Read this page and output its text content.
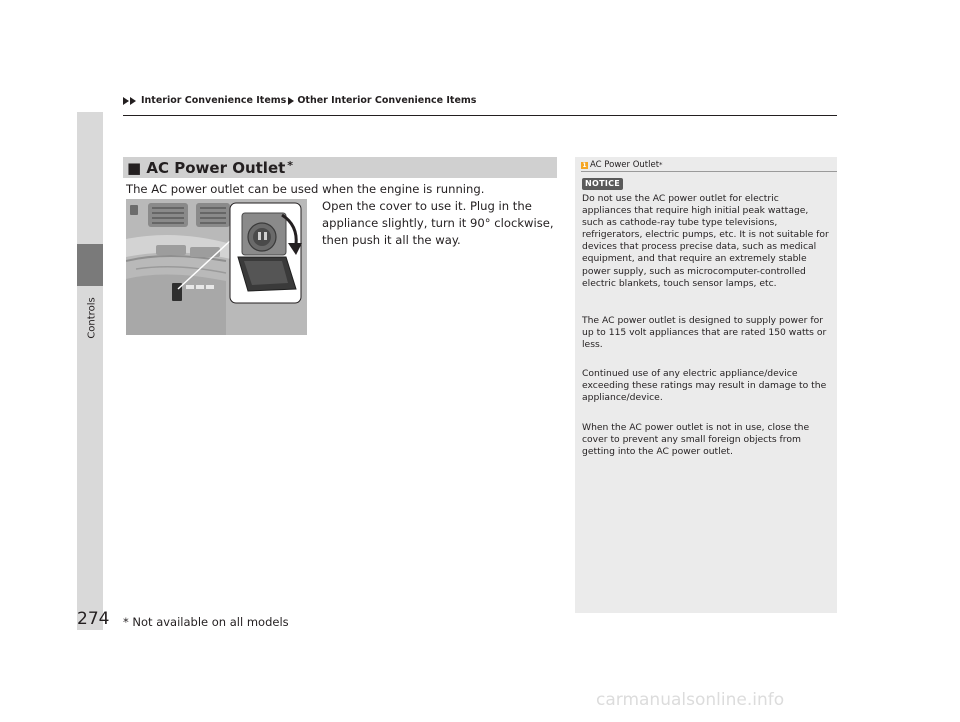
Interior Convenience Items Other Interior Convenience Items
Controls
■ AC Power Outlet *
The AC power outlet can be used when the engine is running.
Open the cover to use it. Plug in the appliance slightly, turn it 90° clockwise, then push it all the way.
1 AC Power Outlet *
NOTICE
Do not use the AC power outlet for electric appliances that require high initial peak wattage, such as cathode-ray tube type televisions, refrigerators, electric pumps, etc. It is not suitable for devices that process precise data, such as medical equipment, and that require an extremely stable power supply, such as microcomputer-controlled electric blankets, touch sensor lamps, etc.
The AC power outlet is designed to supply power for up to 115 volt appliances that are rated 150 watts or less.
Continued use of any electric appliance/device exceeding these ratings may result in damage to the appliance/device.
When the AC power outlet is not in use, close the cover to prevent any small foreign objects from getting into the AC power outlet.
274 * Not available on all models
carmanualsonline.info
